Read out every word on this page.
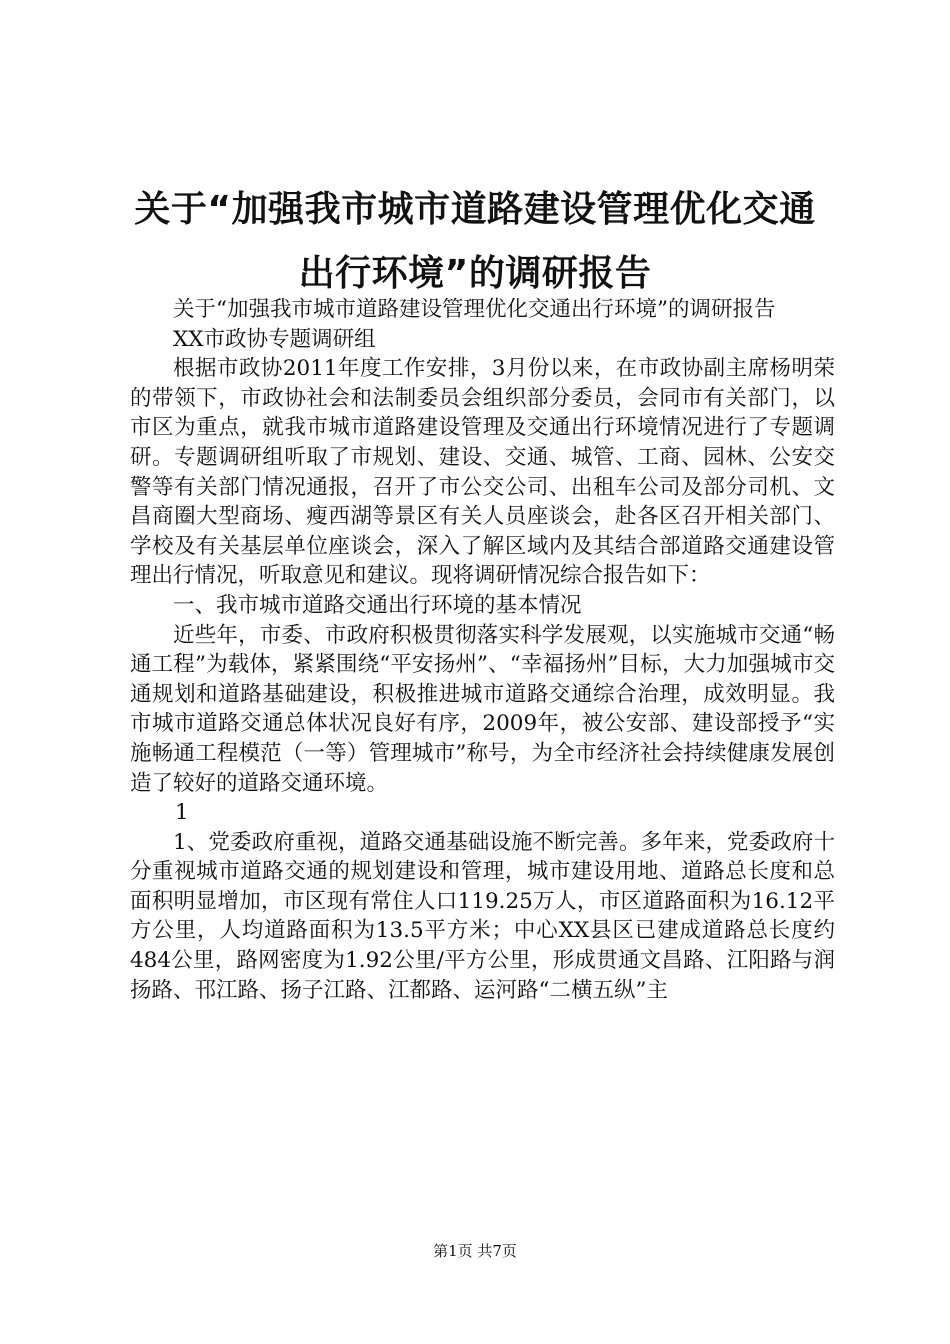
关于“加强我市城市道路建设管理优化交通出行环境”的调研报告

关于“加强我市城市道路建设管理优化交通出行环境”的调研报告

XX市政协专题调研组

根据市政协2011年度工作安排，3月份以来，在市政协副主席杨明荣的带领下，市政协社会和法制委员会组织部分委员，会同市有关部门，以市区为重点，就我市城市道路建设管理及交通出行环境情况进行了专题调研。专题调研组听取了市规划、建设、交通、城管、工商、园林、公安交警等有关部门情况通报，召开了市公交公司、出租车公司及部分司机、文昌商圈大型商场、瘦西湖等景区有关人员座谈会，赴各区召开相关部门、学校及有关基层单位座谈会，深入了解区域内及其结合部道路交通建设管理出行情况，听取意见和建议。现将调研情况综合报告如下：

一、我市城市道路交通出行环境的基本情况

近些年，市委、市政府积极贯彻落实科学发展观，以实施城市交通“畅通工程”为载体，紧紧围绕“平安扬州”、“幸福扬州”目标，大力加强城市交通规划和道路基础建设，积极推进城市道路交通综合治理，成效明显。我市城市道路交通总体状况良好有序，2009年，被公安部、建设部授予“实施畅通工程模范（一等）管理城市”称号，为全市经济社会持续健康发展创造了较好的道路交通环境。

1

1、党委政府重视，道路交通基础设施不断完善。多年来，党委政府十分重视城市道路交通的规划建设和管理，城市建设用地、道路总长度和总面积明显增加，市区现有常住人口119.25万人，市区道路面积为16.12平方公里，人均道路面积为13.5平方米；中心XX县区已建成道路总长度约484公里，路网密度为1.92公里/平方公里，形成贯通文昌路、江阳路与润扬路、邗江路、扬子江路、江都路、运河路“二横五纵”主

第1页 共7页
